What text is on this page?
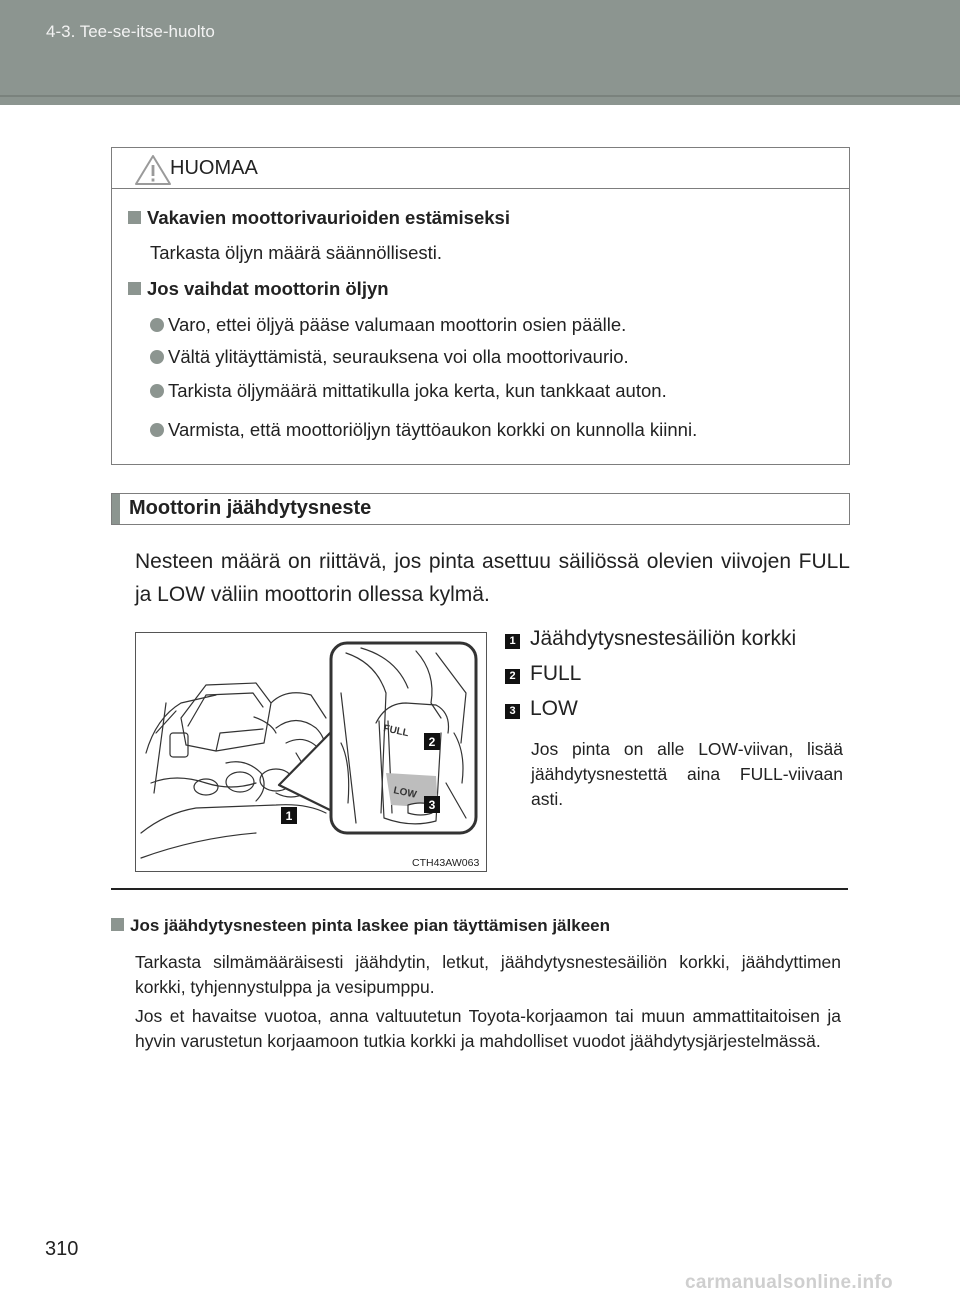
4-3. Tee-se-itse-huolto
HUOMAA
Vakavien moottorivaurioiden estämiseksi
Tarkasta öljyn määrä säännöllisesti.
Jos vaihdat moottorin öljyn
Varo, ettei öljyä pääse valumaan moottorin osien päälle.
Vältä ylitäyttämistä, seurauksena voi olla moottorivaurio.
Tarkista öljymäärä mittatikulla joka kerta, kun tankkaat auton.
Varmista, että moottoriöljyn täyttöaukon korkki on kunnolla kiinni.
Moottorin jäähdytysneste

Nesteen määrä on riittävä, jos pinta asettuu säiliössä olevien viivojen FULL ja LOW väliin moottorin ollessa kylmä.

FULL
LOW
1
2
3
CTH43AW063
1 Jäähdytysnestesäiliön korkki
2 FULL
3 LOW

Jos pinta on alle LOW-viivan, lisää jäähdytysnestettä aina FULL-viivaan asti.

Jos jäähdytysnesteen pinta laskee pian täyttämisen jälkeen

Tarkasta silmämääräisesti jäähdytin, letkut, jäähdytysnestesäiliön korkki, jäähdyttimen korkki, tyhjennystulppa ja vesipumppu.

Jos et havaitse vuotoa, anna valtuutetun Toyota-korjaamon tai muun ammattitaitoisen ja hyvin varustetun korjaamoon tutkia korkki ja mahdolliset vuodot jäähdytysjärjestelmässä.

310
carmanualsonline.info
